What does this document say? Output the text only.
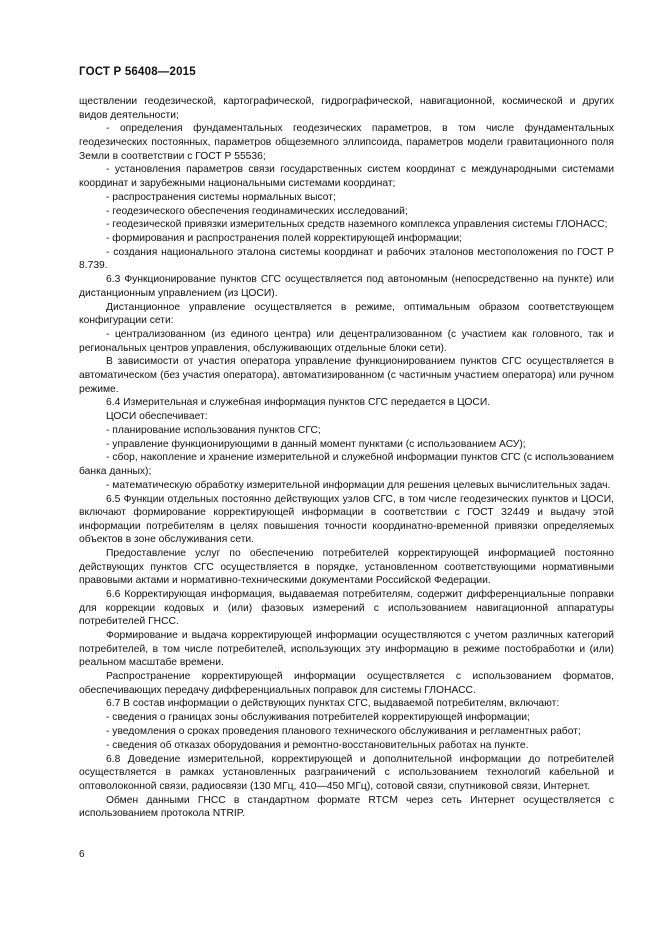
ГОСТ Р 56408—2015

ществлении геодезической, картографической, гидрографической, навигационной, космической и других видов деятельности;

- определения фундаментальных геодезических параметров, в том числе фундаментальных геодезических постоянных, параметров общеземного эллипсоида, параметров модели гравитационного поля Земли в соответствии с ГОСТ Р 55536;

- установления параметров связи государственных систем координат с международными системами координат и зарубежными национальными системами координат;

- распространения системы нормальных высот;

- геодезического обеспечения геодинамических исследований;

- геодезической привязки измерительных средств наземного комплекса управления системы ГЛОНАСС;

- формирования и распространения полей корректирующей информации;

- создания национального эталона системы координат и рабочих эталонов местоположения по ГОСТ Р 8.739.

6.3 Функционирование пунктов СГС осуществляется под автономным (непосредственно на пункте) или дистанционным управлением (из ЦОСИ).

Дистанционное управление осуществляется в режиме, оптимальным образом соответствующем конфигурации сети:

- централизованном (из единого центра) или децентрализованном (с участием как головного, так и региональных центров управления, обслуживающих отдельные блоки сети).

В зависимости от участия оператора управление функционированием пунктов СГС осуществляется в автоматическом (без участия оператора), автоматизированном (с частичным участием оператора) или ручном режиме.

6.4 Измерительная и служебная информация пунктов СГС передается в ЦОСИ.

ЦОСИ обеспечивает:

- планирование использования пунктов СГС;

- управление функционирующими в данный момент пунктами (с использованием АСУ);

- сбор, накопление и хранение измерительной и служебной информации пунктов СГС (с использованием банка данных);

- математическую обработку измерительной информации для решения целевых вычислительных задач.

6.5 Функции отдельных постоянно действующих узлов СГС, в том числе геодезических пунктов и ЦОСИ, включают формирование корректирующей информации в соответствии с ГОСТ 32449 и выдачу этой информации потребителям в целях повышения точности координатно-временной привязки определяемых объектов в зоне обслуживания сети.

Предоставление услуг по обеспечению потребителей корректирующей информацией постоянно действующих пунктов СГС осуществляется в порядке, установленном соответствующими нормативными правовыми актами и нормативно-техническими документами Российской Федерации.

6.6 Корректирующая информация, выдаваемая потребителям, содержит дифференциальные поправки для коррекции кодовых и (или) фазовых измерений с использованием навигационной аппаратуры потребителей ГНСС.

Формирование и выдача корректирующей информации осуществляются с учетом различных категорий потребителей, в том числе потребителей, использующих эту информацию в режиме постобработки и (или) реальном масштабе времени.

Распространение корректирующей информации осуществляется с использованием форматов, обеспечивающих передачу дифференциальных поправок для системы ГЛОНАСС.

6.7 В состав информации о действующих пунктах СГС, выдаваемой потребителям, включают:

- сведения о границах зоны обслуживания потребителей корректирующей информации;

- уведомления о сроках проведения планового технического обслуживания и регламентных работ;

- сведения об отказах оборудования и ремонтно-восстановительных работах на пункте.

6.8 Доведение измерительной, корректирующей и дополнительной информации до потребителей осуществляется в рамках установленных разграничений с использованием технологий кабельной и оптоволоконной связи, радиосвязи (130 МГц, 410—450 МГц), сотовой связи, спутниковой связи, Интернет.

Обмен данными ГНСС в стандартном формате RTCM через сеть Интернет осуществляется с использованием протокола NTRIP.

6
